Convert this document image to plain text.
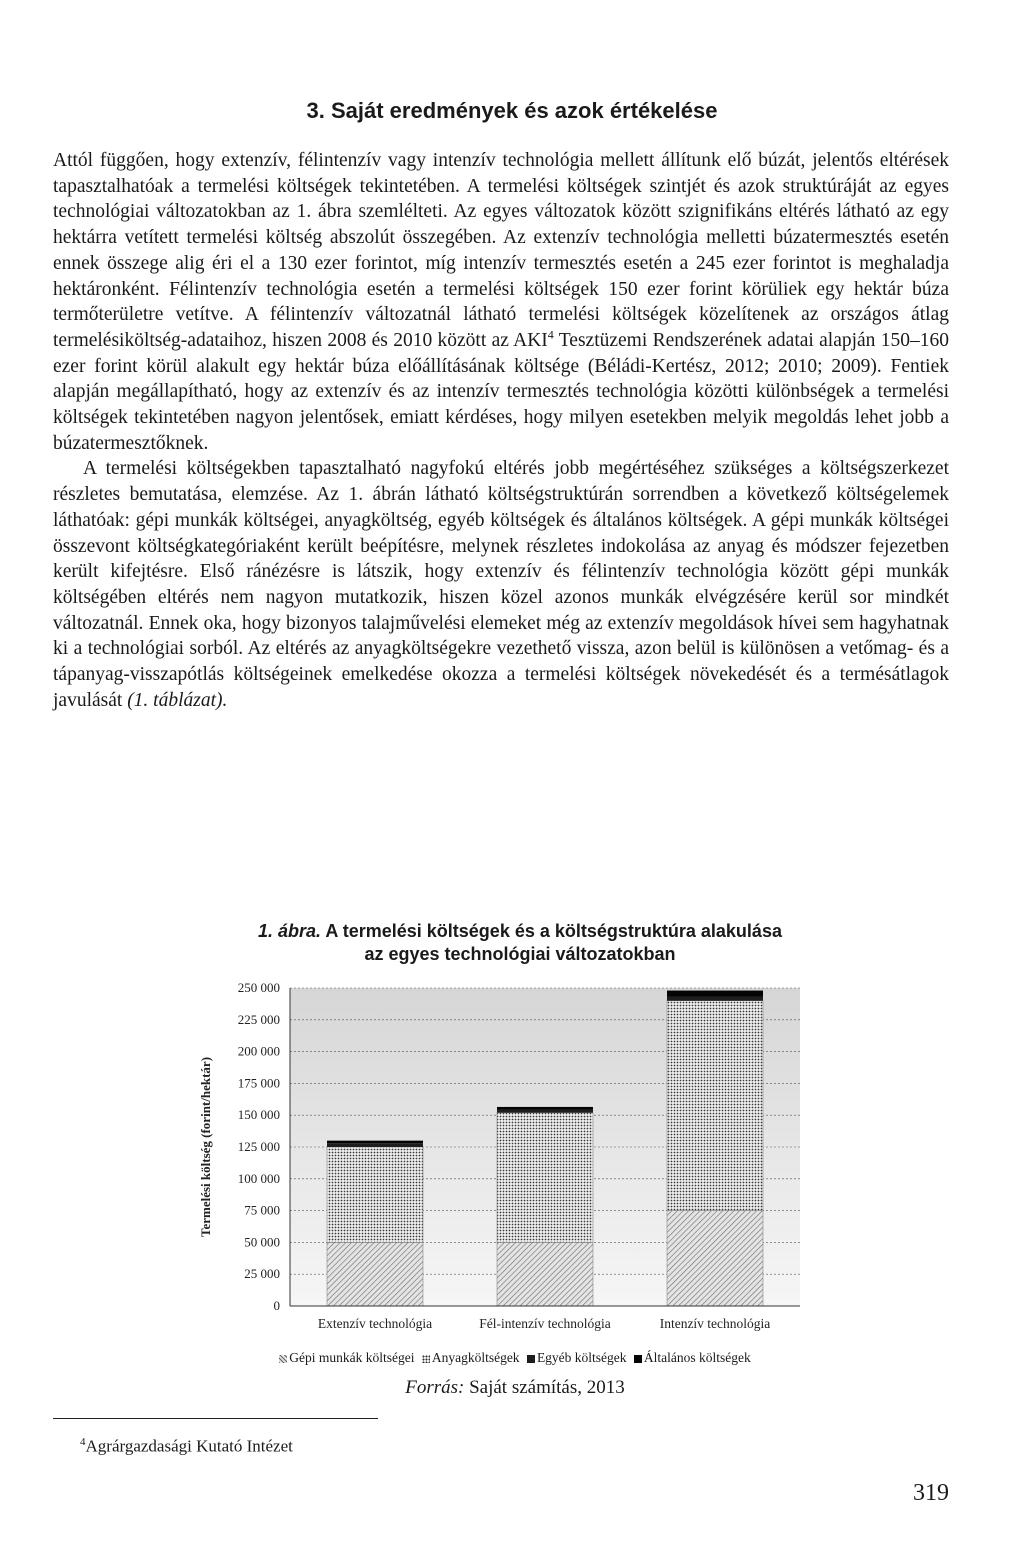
3. Saját eredmények és azok értékelése

Attól függően, hogy extenzív, félintenzív vagy intenzív technológia mellett állítunk elő búzát, jelentős eltérések tapasztalhatóak a termelési költségek tekintetében. A termelési költségek szintjét és azok struktúráját az egyes technológiai változatokban az 1. ábra szemlélteti. Az egyes változatok között szignifikáns eltérés látható az egy hektárra vetített termelési költség abszolút összegében. Az extenzív technológia melletti búzatermesztés esetén ennek összege alig éri el a 130 ezer forintot, míg intenzív termesztés esetén a 245 ezer forintot is meghaladja hektáronként. Félintenzív technológia esetén a termelési költségek 150 ezer forint körüliek egy hektár búza termőterületre vetítve. A félintenzív változatnál látható termelési költségek közelítenek az országos átlag termelésiköltség-adataihoz, hiszen 2008 és 2010 között az AKI$^4$ Tesztüzemi Rendszerének adatai alapján 150–160 ezer forint körül alakult egy hektár búza előállításának költsége (Béládi-Kertész, 2012; 2010; 2009). Fentiek alapján megállapítható, hogy az extenzív és az intenzív termesztés technológia közötti különbségek a termelési költségek tekintetében nagyon jelentősek, emiatt kérdéses, hogy milyen esetekben melyik megoldás lehet jobb a búzatermesztőknek.

A termelési költségekben tapasztalható nagyfokú eltérés jobb megértéséhez szükséges a költségszerkezet részletes bemutatása, elemzése. Az 1. ábrán látható költségstruktúrán sorrendben a következő költségelemek láthatóak: gépi munkák költségei, anyagköltség, egyéb költségek és általános költségek. A gépi munkák költségei összevont költségkategóriaként került beépítésre, melynek részletes indokolása az anyag és módszer fejezetben került kifejtésre. Első ránézésre is látszik, hogy extenzív és félintenzív technológia között gépi munkák költségében eltérés nem nagyon mutatkozik, hiszen közel azonos munkák elvégzésére kerül sor mindkét változatnál. Ennek oka, hogy bizonyos talajművelési elemeket még az extenzív megoldások hívei sem hagyhatnak ki a technológiai sorból. Az eltérés az anyagköltségekre vezethető vissza, azon belül is különösen a vetőmag- és a tápanyag-visszapótlás költségeinek emelkedése okozza a termelési költségek növekedését és a termésátlagok javulását (1. táblázat).

1. ábra. A termelési költségek és a költségstruktúra alakulása
az egyes technológiai változatokban
0
25 000
50 000
75 000
100 000
125 000
150 000
175 000
200 000
225 000
250 000
Termelési költség (forint/hektár)
Extenzív technológia	Fél-intenzív technológia	Intenzív technológia
Gépi munkák költségei Anyagköltségek Egyéb költségek Általános költségek
Forrás: Saját számítás, 2013
$^4$Agrárgazdasági Kutató Intézet
319
